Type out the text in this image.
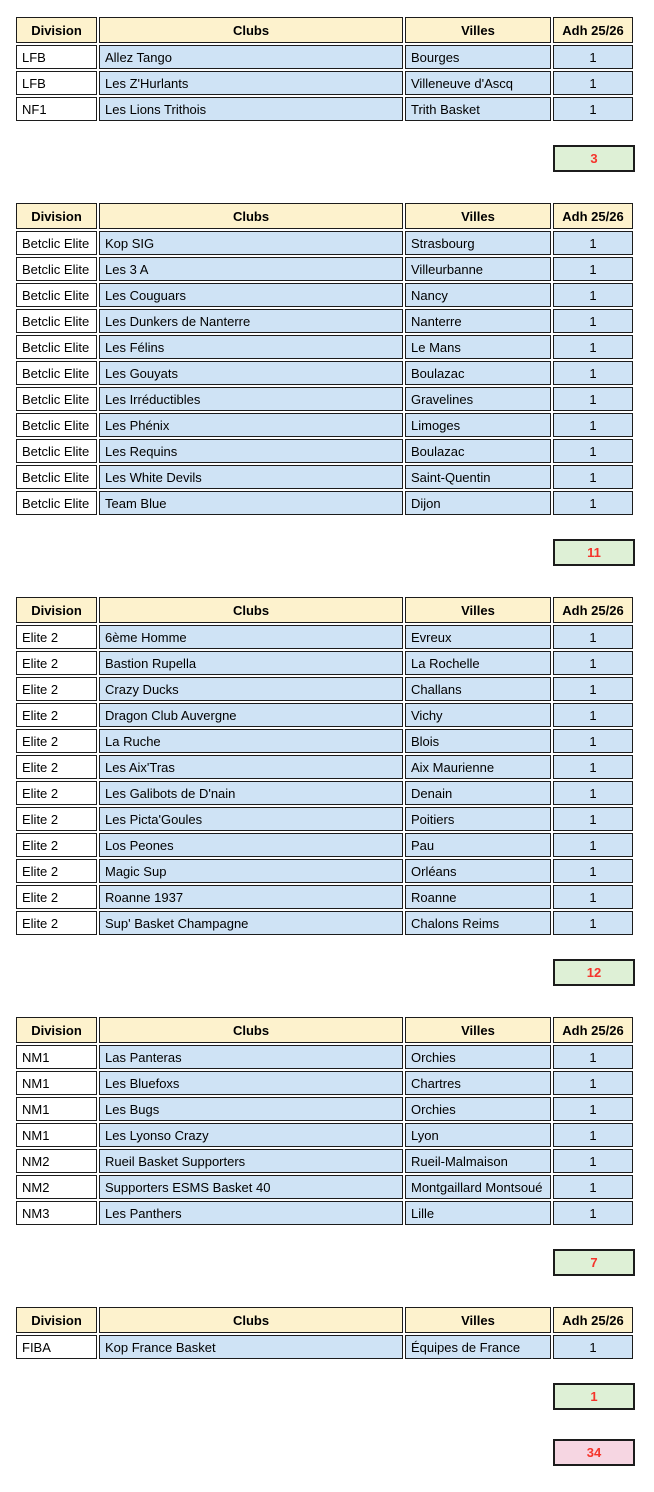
Division	Clubs	Villes	Adh 25/26
LFB	Allez Tango	Bourges	1
LFB	Les Z'Hurlants	Villeneuve d'Ascq	1
NF1	Les Lions Trithois	Trith Basket	1
3
Division	Clubs	Villes	Adh 25/26
Betclic Elite	Kop SIG	Strasbourg	1
Betclic Elite	Les 3 A	Villeurbanne	1
Betclic Elite	Les Couguars	Nancy	1
Betclic Elite	Les Dunkers de Nanterre	Nanterre	1
Betclic Elite	Les Félins	Le Mans	1
Betclic Elite	Les Gouyats	Boulazac	1
Betclic Elite	Les Irréductibles	Gravelines	1
Betclic Elite	Les Phénix	Limoges	1
Betclic Elite	Les Requins	Boulazac	1
Betclic Elite	Les White Devils	Saint-Quentin	1
Betclic Elite	Team Blue	Dijon	1
11
Division	Clubs	Villes	Adh 25/26
Elite 2	6ème Homme	Evreux	1
Elite 2	Bastion Rupella	La Rochelle	1
Elite 2	Crazy Ducks	Challans	1
Elite 2	Dragon Club Auvergne	Vichy	1
Elite 2	La Ruche	Blois	1
Elite 2	Les Aix'Tras	Aix Maurienne	1
Elite 2	Les Galibots de D'nain	Denain	1
Elite 2	Les Picta'Goules	Poitiers	1
Elite 2	Los Peones	Pau	1
Elite 2	Magic Sup	Orléans	1
Elite 2	Roanne 1937	Roanne	1
Elite 2	Sup' Basket Champagne	Chalons Reims	1
12
Division	Clubs	Villes	Adh 25/26
NM1	Las Panteras	Orchies	1
NM1	Les Bluefoxs	Chartres	1
NM1	Les Bugs	Orchies	1
NM1	Les Lyonso Crazy	Lyon	1
NM2	Rueil Basket Supporters	Rueil-Malmaison	1
NM2	Supporters ESMS Basket 40	Montgaillard Montsoué	1
NM3	Les Panthers	Lille	1
7
Division	Clubs	Villes	Adh 25/26
FIBA	Kop France Basket	Équipes de France	1
1
34
